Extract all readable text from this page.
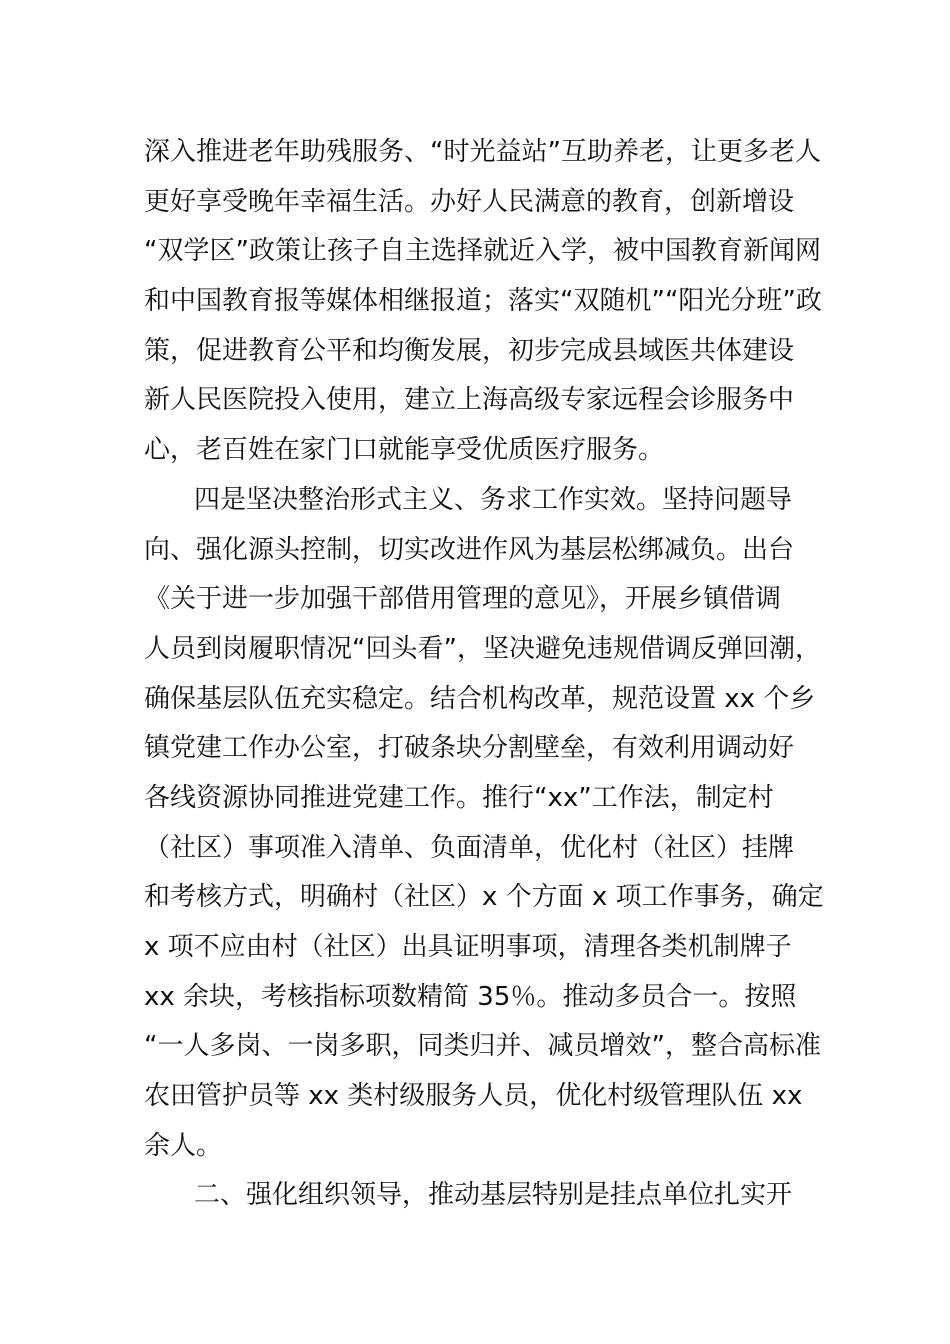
深入推进老年助残服务、“时光益站”互助养老，让更多老人
更好享受晚年幸福生活。办好人民满意的教育，创新增设
“双学区”政策让孩子自主选择就近入学，被中国教育新闻网
和中国教育报等媒体相继报道；落实“双随机”“阳光分班”政
策，促进教育公平和均衡发展，初步完成县域医共体建设
新人民医院投入使用，建立上海高级专家远程会诊服务中
心，老百姓在家门口就能享受优质医疗服务。
四是坚决整治形式主义、务求工作实效。坚持问题导
向、强化源头控制，切实改进作风为基层松绑减负。出台
《关于进一步加强干部借用管理的意见》，开展乡镇借调
人员到岗履职情况“回头看”，坚决避免违规借调反弹回潮，
确保基层队伍充实稳定。结合机构改革，规范设置 xx 个乡
镇党建工作办公室，打破条块分割壁垒，有效利用调动好
各线资源协同推进党建工作。推行“xx”工作法，制定村
（社区）事项准入清单、负面清单，优化村（社区）挂牌
和考核方式，明确村（社区）x 个方面 x 项工作事务，确定
x 项不应由村（社区）出具证明事项，清理各类机制牌子
xx 余块，考核指标项数精简 35％。推动多员合一。按照
“一人多岗、一岗多职，同类归并、减员增效”，整合高标准
农田管护员等 xx 类村级服务人员，优化村级管理队伍 xx
余人。
二、强化组织领导，推动基层特别是挂点单位扎实开
